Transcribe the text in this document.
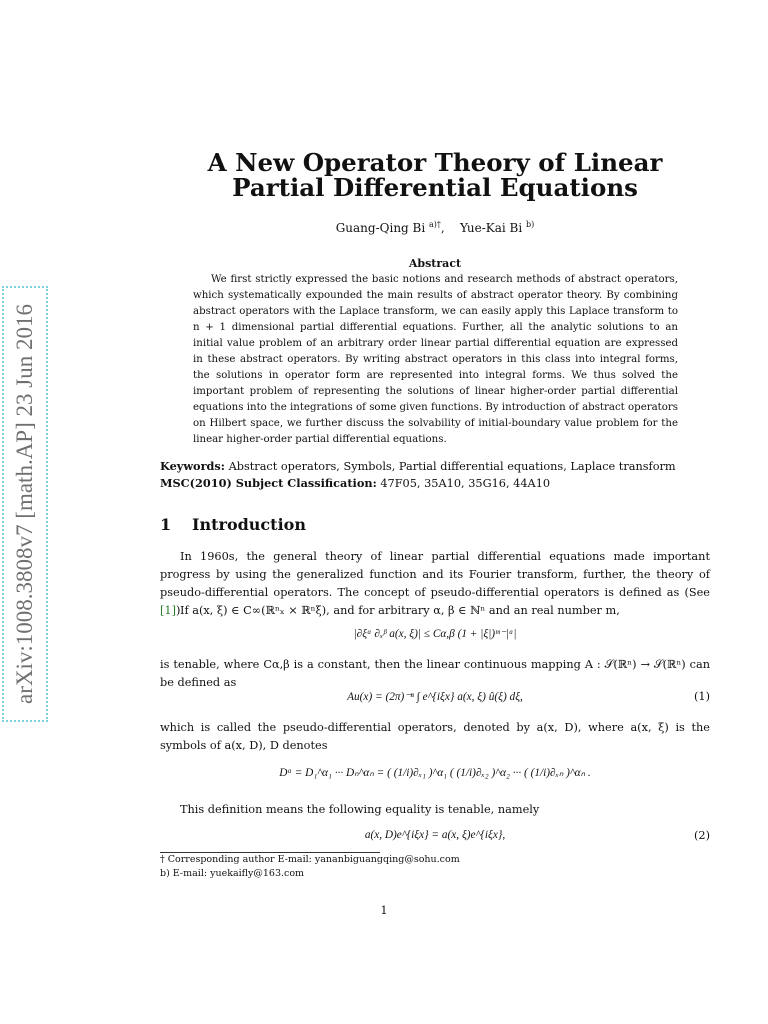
arXiv:1008.3808v7 [math.AP] 23 Jun 2016
A New Operator Theory of Linear
Partial Differential Equations
Guang-Qing Bi $^{a)\dagger}$,    Yue-Kai Bi $^{b)}$
Abstract
We first strictly expressed the basic notions and research methods of abstract operators, which systematically expounded the main results of abstract operator theory. By combining abstract operators with the Laplace transform, we can easily apply this Laplace transform to n + 1 dimensional partial differential equations. Further, all the analytic solutions to an initial value problem of an arbitrary order linear partial differential equation are expressed in these abstract operators. By writing abstract operators in this class into integral forms, the solutions in operator form are represented into integral forms. We thus solved the important problem of representing the solutions of linear higher-order partial differential equations into the integrations of some given functions. By introduction of abstract operators on Hilbert space, we further discuss the solvability of initial-boundary value problem for the linear higher-order partial differential equations.
Keywords: Abstract operators, Symbols, Partial differential equations, Laplace transform
MSC(2010) Subject Classification: 47F05, 35A10, 35G16, 44A10
1 Introduction
In 1960s, the general theory of linear partial differential equations made important progress by using the generalized function and its Fourier transform, further, the theory of pseudo-differential operators. The concept of pseudo-differential operators is defined as (See [1]) If a(x, ξ) ∈ C∞(ℝⁿₓ × ℝⁿξ), and for arbitrary α, β ∈ ℕⁿ and an real number m,
|∂ξᵅ ∂ₓᵝ a(x, ξ)| ≤ Cα,β (1 + |ξ|)ᵐ⁻|ᵅ|
is tenable, where Cα,β is a constant, then the linear continuous mapping A : 𝒮(ℝⁿ) → 𝒮(ℝⁿ) can be defined as
Au(x) = (2π)⁻ⁿ ∫ e^{iξx} a(x, ξ) û(ξ) dξ,	(1)
which is called the pseudo-differential operators, denoted by a(x, D), where a(x, ξ) is the symbols of a(x, D), D denotes
Dᵅ = D₁^α₁ ··· Dₙ^αₙ = ( (1/i)∂ₓ₁ )^α₁ ( (1/i)∂ₓ₂ )^α₂ ··· ( (1/i)∂ₓₙ )^αₙ .
This definition means the following equality is tenable, namely
a(x, D)e^{iξx} = a(x, ξ)e^{iξx},	(2)
† Corresponding author E-mail: yananbiguangqing@sohu.com
b) E-mail: yuekaifly@163.com
1
